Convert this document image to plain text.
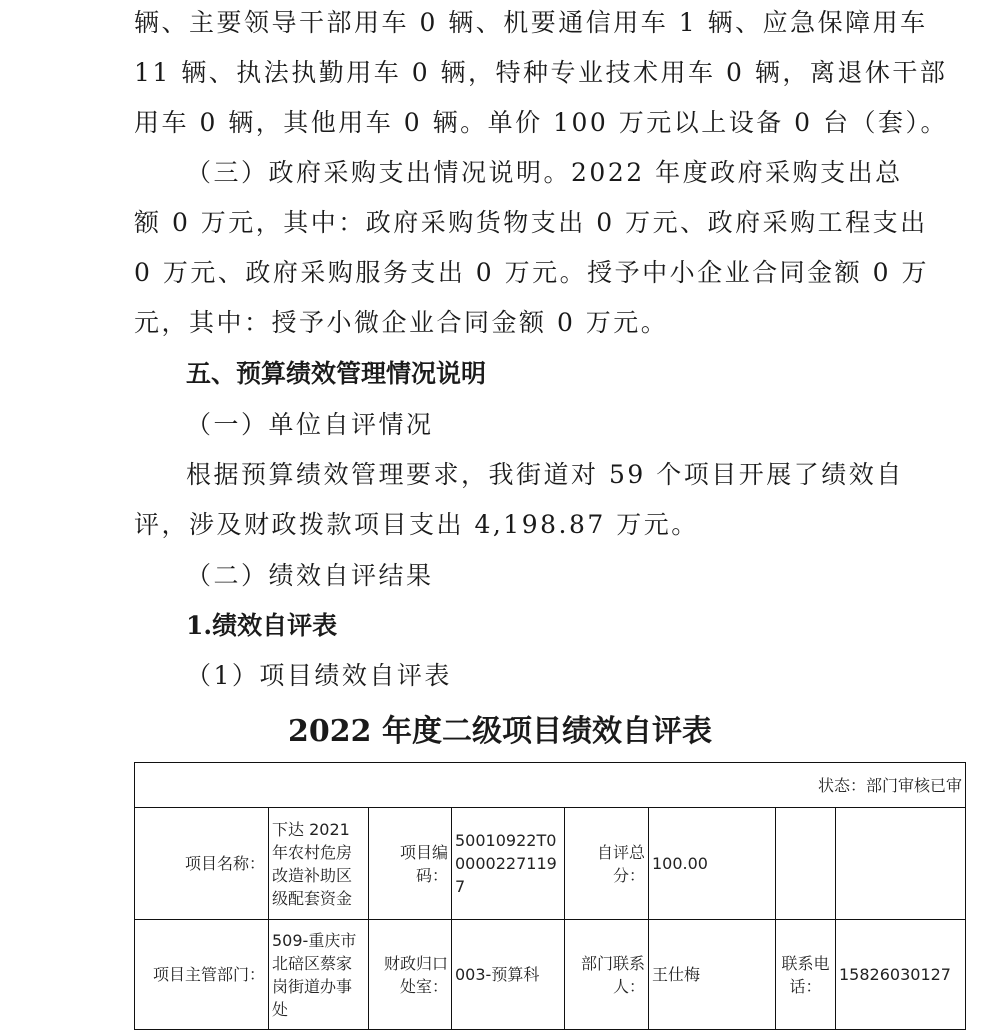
辆、主要领导干部用车 0 辆、机要通信用车 1 辆、应急保障用车
11 辆、执法执勤用车 0 辆，特种专业技术用车 0 辆，离退休干部
用车 0 辆，其他用车 0 辆。单价 100 万元以上设备 0 台（套）。
（三）政府采购支出情况说明。2022 年度政府采购支出总
额 0 万元，其中：政府采购货物支出 0 万元、政府采购工程支出
0 万元、政府采购服务支出 0 万元。授予中小企业合同金额 0 万
元，其中：授予小微企业合同金额 0 万元。
五、预算绩效管理情况说明
（一）单位自评情况
根据预算绩效管理要求，我街道对 59 个项目开展了绩效自
评，涉及财政拨款项目支出 4,198.87 万元。
（二）绩效自评结果
1.绩效自评表
（1）项目绩效自评表
2022 年度二级项目绩效自评表
状态：部门审核已审							
项目名称：	下达 2021 年农村危房改造补助区级配套资金	项目编码：	50010922T000002271197	自评总分：	100.00		
项目主管部门：	509-重庆市北碚区蔡家岗街道办事处	财政归口处室：	003-预算科	部门联系人：	王仕梅	联系电话：	15826030127
